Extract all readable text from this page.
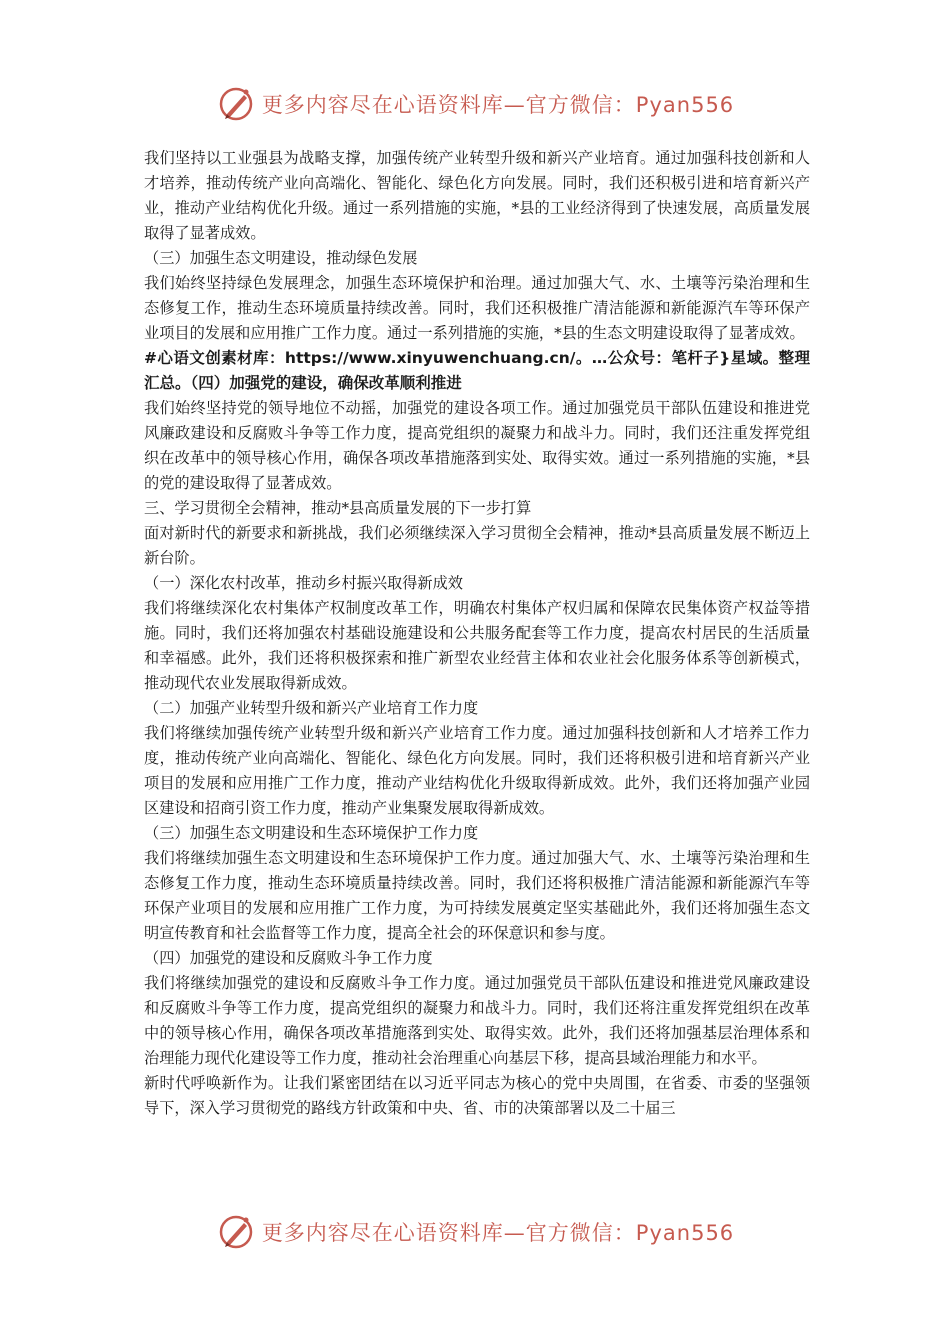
更多内容尽在心语资料库—官方微信：Pyan556

我们坚持以工业强县为战略支撑，加强传统产业转型升级和新兴产业培育。通过加强科技创新和人才培养，推动传统产业向高端化、智能化、绿色化方向发展。同时，我们还积极引进和培育新兴产业，推动产业结构优化升级。通过一系列措施的实施，*县的工业经济得到了快速发展，高质量发展取得了显著成效。

（三）加强生态文明建设，推动绿色发展

我们始终坚持绿色发展理念，加强生态环境保护和治理。通过加强大气、水、土壤等污染治理和生态修复工作，推动生态环境质量持续改善。同时，我们还积极推广清洁能源和新能源汽车等环保产业项目的发展和应用推广工作力度。通过一系列措施的实施，*县的生态文明建设取得了显著成效。

#心语文创素材库：https://www.xinyuwenchuang.cn/。…公众号：笔杆子}星域。整理汇总。（四）加强党的建设，确保改革顺利推进

我们始终坚持党的领导地位不动摇，加强党的建设各项工作。通过加强党员干部队伍建设和推进党风廉政建设和反腐败斗争等工作力度，提高党组织的凝聚力和战斗力。同时，我们还注重发挥党组织在改革中的领导核心作用，确保各项改革措施落到实处、取得实效。通过一系列措施的实施，*县的党的建设取得了显著成效。

三、学习贯彻全会精神，推动*县高质量发展的下一步打算

面对新时代的新要求和新挑战，我们必须继续深入学习贯彻全会精神，推动*县高质量发展不断迈上新台阶。

（一）深化农村改革，推动乡村振兴取得新成效

我们将继续深化农村集体产权制度改革工作，明确农村集体产权归属和保障农民集体资产权益等措施。同时，我们还将加强农村基础设施建设和公共服务配套等工作力度，提高农村居民的生活质量和幸福感。此外，我们还将积极探索和推广新型农业经营主体和农业社会化服务体系等创新模式，推动现代农业发展取得新成效。

（二）加强产业转型升级和新兴产业培育工作力度

我们将继续加强传统产业转型升级和新兴产业培育工作力度。通过加强科技创新和人才培养工作力度，推动传统产业向高端化、智能化、绿色化方向发展。同时，我们还将积极引进和培育新兴产业项目的发展和应用推广工作力度，推动产业结构优化升级取得新成效。此外，我们还将加强产业园区建设和招商引资工作力度，推动产业集聚发展取得新成效。

（三）加强生态文明建设和生态环境保护工作力度

我们将继续加强生态文明建设和生态环境保护工作力度。通过加强大气、水、土壤等污染治理和生态修复工作力度，推动生态环境质量持续改善。同时，我们还将积极推广清洁能源和新能源汽车等环保产业项目的发展和应用推广工作力度，为可持续发展奠定坚实基础此外，我们还将加强生态文明宣传教育和社会监督等工作力度，提高全社会的环保意识和参与度。

（四）加强党的建设和反腐败斗争工作力度

我们将继续加强党的建设和反腐败斗争工作力度。通过加强党员干部队伍建设和推进党风廉政建设和反腐败斗争等工作力度，提高党组织的凝聚力和战斗力。同时，我们还将注重发挥党组织在改革中的领导核心作用，确保各项改革措施落到实处、取得实效。此外，我们还将加强基层治理体系和治理能力现代化建设等工作力度，推动社会治理重心向基层下移，提高县域治理能力和水平。

新时代呼唤新作为。让我们紧密团结在以习近平同志为核心的党中央周围，在省委、市委的坚强领导下，深入学习贯彻党的路线方针政策和中央、省、市的决策部署以及二十届三

更多内容尽在心语资料库—官方微信：Pyan556
